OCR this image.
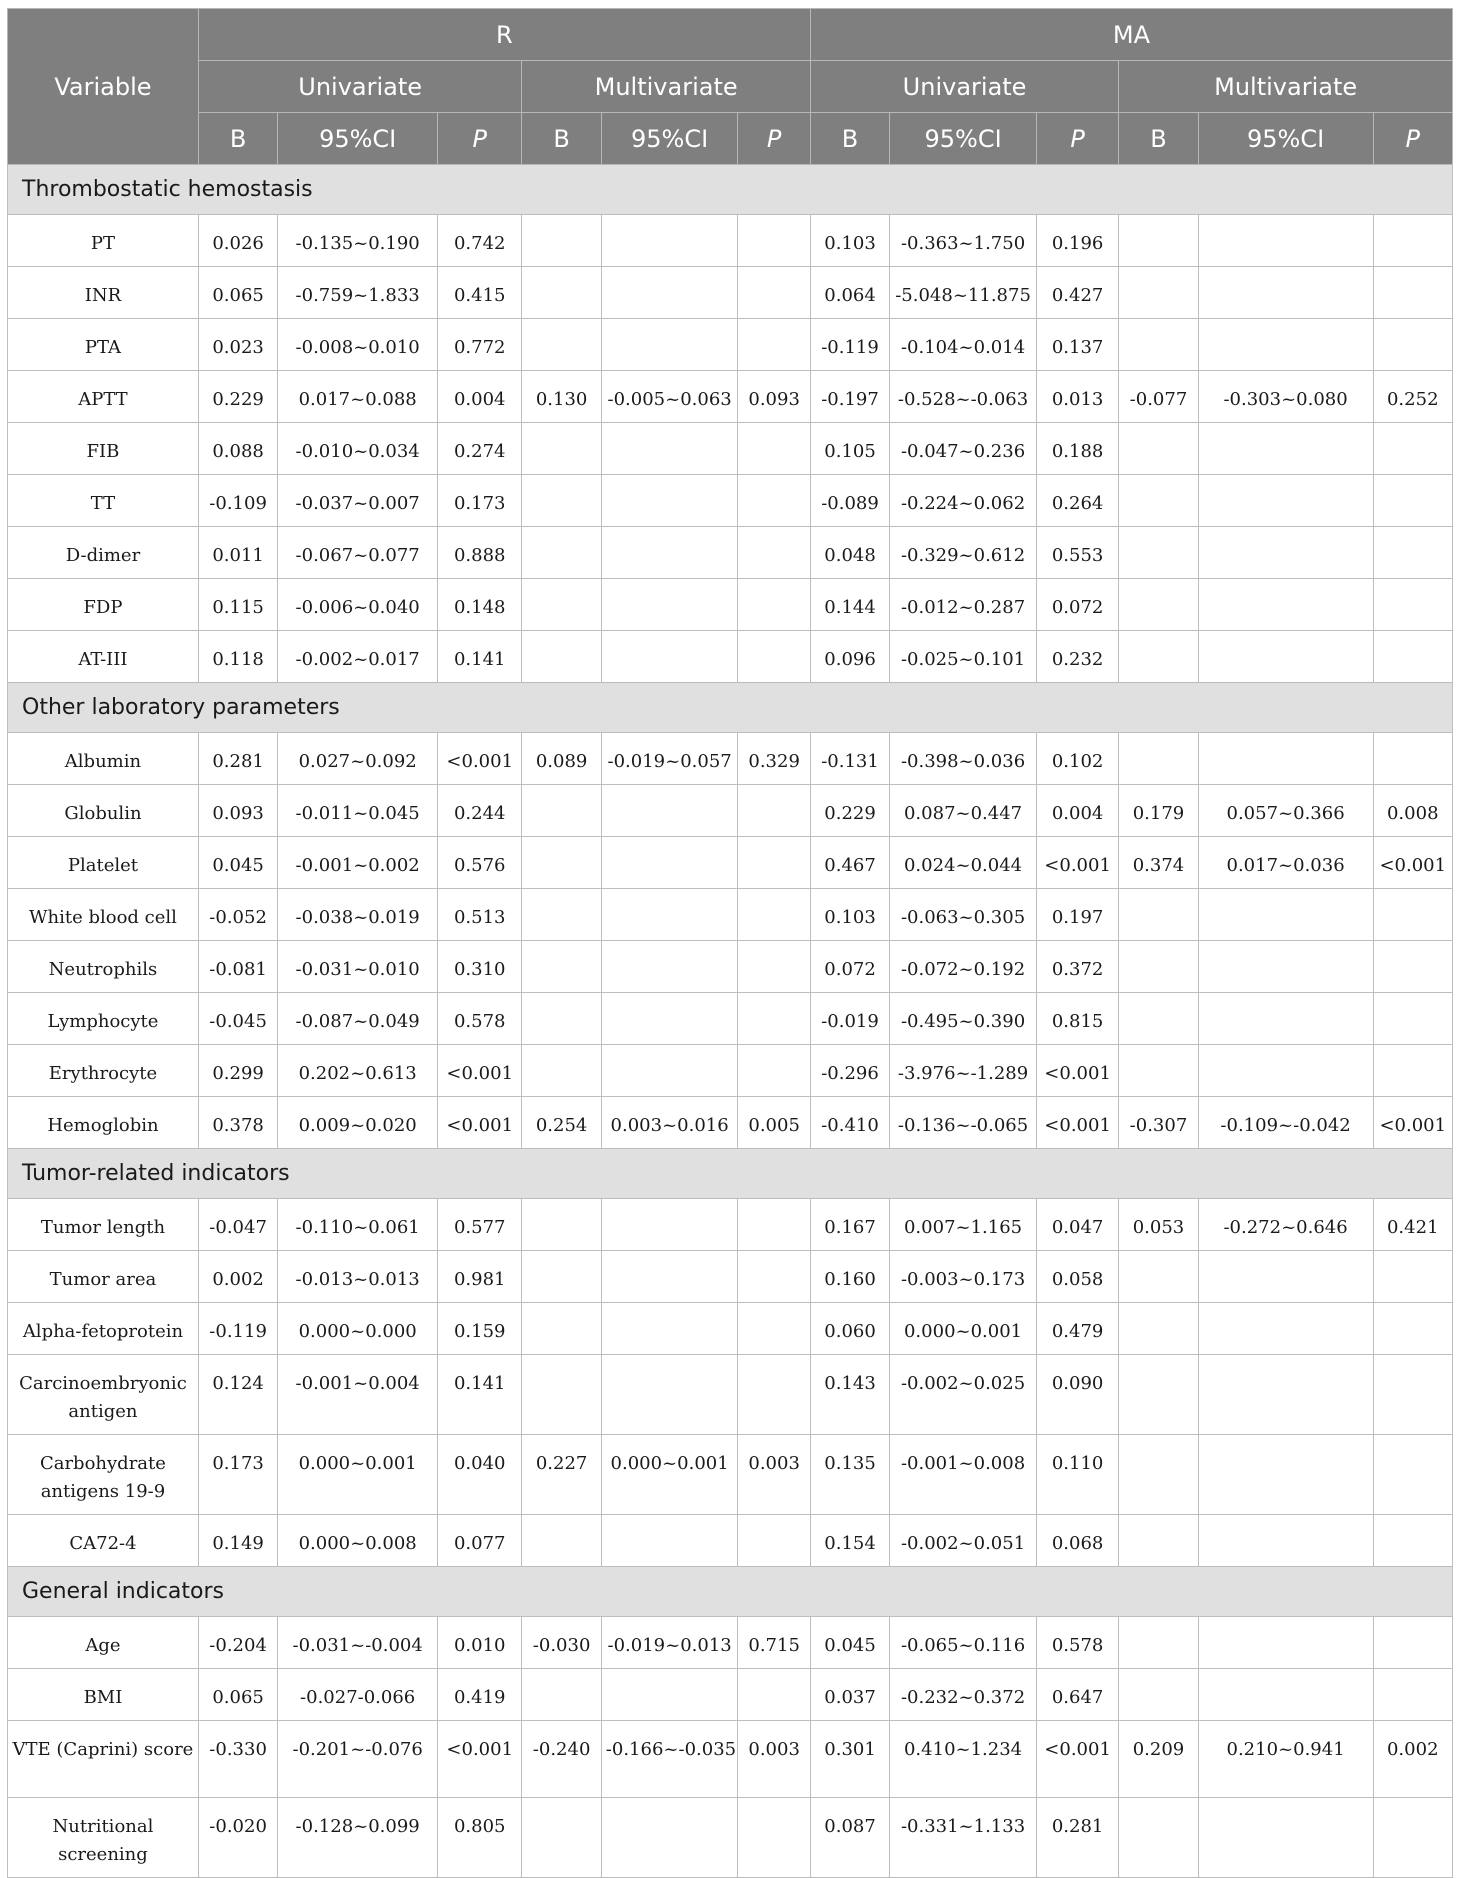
Variable	R						MA					
	Univariate			Multivariate			Univariate			Multivariate		
	B	95%CI	P	B	95%CI	P	B	95%CI	P	B	95%CI	P
Thrombostatic hemostasis												
PT	0.026	-0.135~0.190	0.742				0.103	-0.363~1.750	0.196			
INR	0.065	-0.759~1.833	0.415				0.064	-5.048~11.875	0.427			
PTA	0.023	-0.008~0.010	0.772				-0.119	-0.104~0.014	0.137			
APTT	0.229	0.017~0.088	0.004	0.130	-0.005~0.063	0.093	-0.197	-0.528~-0.063	0.013	-0.077	-0.303~0.080	0.252
FIB	0.088	-0.010~0.034	0.274				0.105	-0.047~0.236	0.188			
TT	-0.109	-0.037~0.007	0.173				-0.089	-0.224~0.062	0.264			
D-dimer	0.011	-0.067~0.077	0.888				0.048	-0.329~0.612	0.553			
FDP	0.115	-0.006~0.040	0.148				0.144	-0.012~0.287	0.072			
AT-III	0.118	-0.002~0.017	0.141				0.096	-0.025~0.101	0.232			
Other laboratory parameters												
Albumin	0.281	0.027~0.092	<0.001	0.089	-0.019~0.057	0.329	-0.131	-0.398~0.036	0.102			
Globulin	0.093	-0.011~0.045	0.244				0.229	0.087~0.447	0.004	0.179	0.057~0.366	0.008
Platelet	0.045	-0.001~0.002	0.576				0.467	0.024~0.044	<0.001	0.374	0.017~0.036	<0.001
White blood cell	-0.052	-0.038~0.019	0.513				0.103	-0.063~0.305	0.197			
Neutrophils	-0.081	-0.031~0.010	0.310				0.072	-0.072~0.192	0.372			
Lymphocyte	-0.045	-0.087~0.049	0.578				-0.019	-0.495~0.390	0.815			
Erythrocyte	0.299	0.202~0.613	<0.001				-0.296	-3.976~-1.289	<0.001			
Hemoglobin	0.378	0.009~0.020	<0.001	0.254	0.003~0.016	0.005	-0.410	-0.136~-0.065	<0.001	-0.307	-0.109~-0.042	<0.001
Tumor-related indicators												
Tumor length	-0.047	-0.110~0.061	0.577				0.167	0.007~1.165	0.047	0.053	-0.272~0.646	0.421
Tumor area	0.002	-0.013~0.013	0.981				0.160	-0.003~0.173	0.058			
Alpha-fetoprotein	-0.119	0.000~0.000	0.159				0.060	0.000~0.001	0.479			
Carcinoembryonic antigen	0.124	-0.001~0.004	0.141				0.143	-0.002~0.025	0.090			
Carbohydrate antigens 19-9	0.173	0.000~0.001	0.040	0.227	0.000~0.001	0.003	0.135	-0.001~0.008	0.110			
CA72-4	0.149	0.000~0.008	0.077				0.154	-0.002~0.051	0.068			
General indicators												
Age	-0.204	-0.031~-0.004	0.010	-0.030	-0.019~0.013	0.715	0.045	-0.065~0.116	0.578			
BMI	0.065	-0.027-0.066	0.419				0.037	-0.232~0.372	0.647			
VTE (Caprini) score	-0.330	-0.201~-0.076	<0.001	-0.240	-0.166~-0.035	0.003	0.301	0.410~1.234	<0.001	0.209	0.210~0.941	0.002
Nutritional screening	-0.020	-0.128~0.099	0.805				0.087	-0.331~1.133	0.281			
